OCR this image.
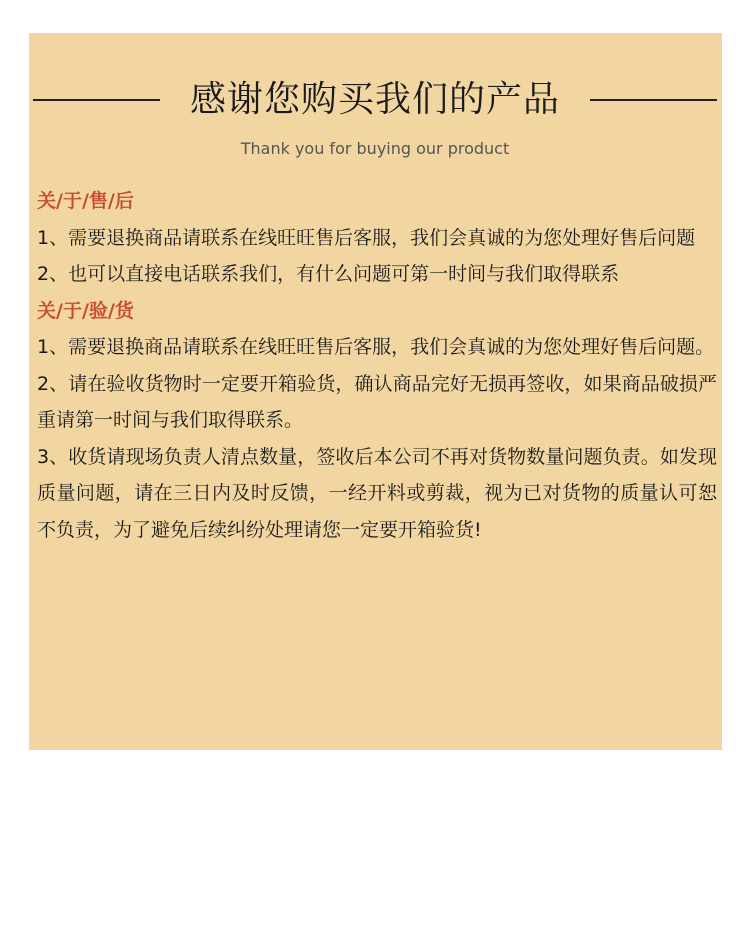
感谢您购买我们的产品
Thank you for buying our product

关/于/售/后

1、需要退换商品请联系在线旺旺售后客服，我们会真诚的为您处理好售后问题

2、也可以直接电话联系我们，有什么问题可第一时间与我们取得联系

关/于/验/货

1、需要退换商品请联系在线旺旺售后客服，我们会真诚的为您处理好售后问题。

2、请在验收货物时一定要开箱验货，确认商品完好无损再签收，如果商品破损严重请第一时间与我们取得联系。

3、收货请现场负责人清点数量，签收后本公司不再对货物数量问题负责。如发现质量问题，请在三日内及时反馈，一经开料或剪裁，视为已对货物的质量认可恕不负责，为了避免后续纠纷处理请您一定要开箱验货!
